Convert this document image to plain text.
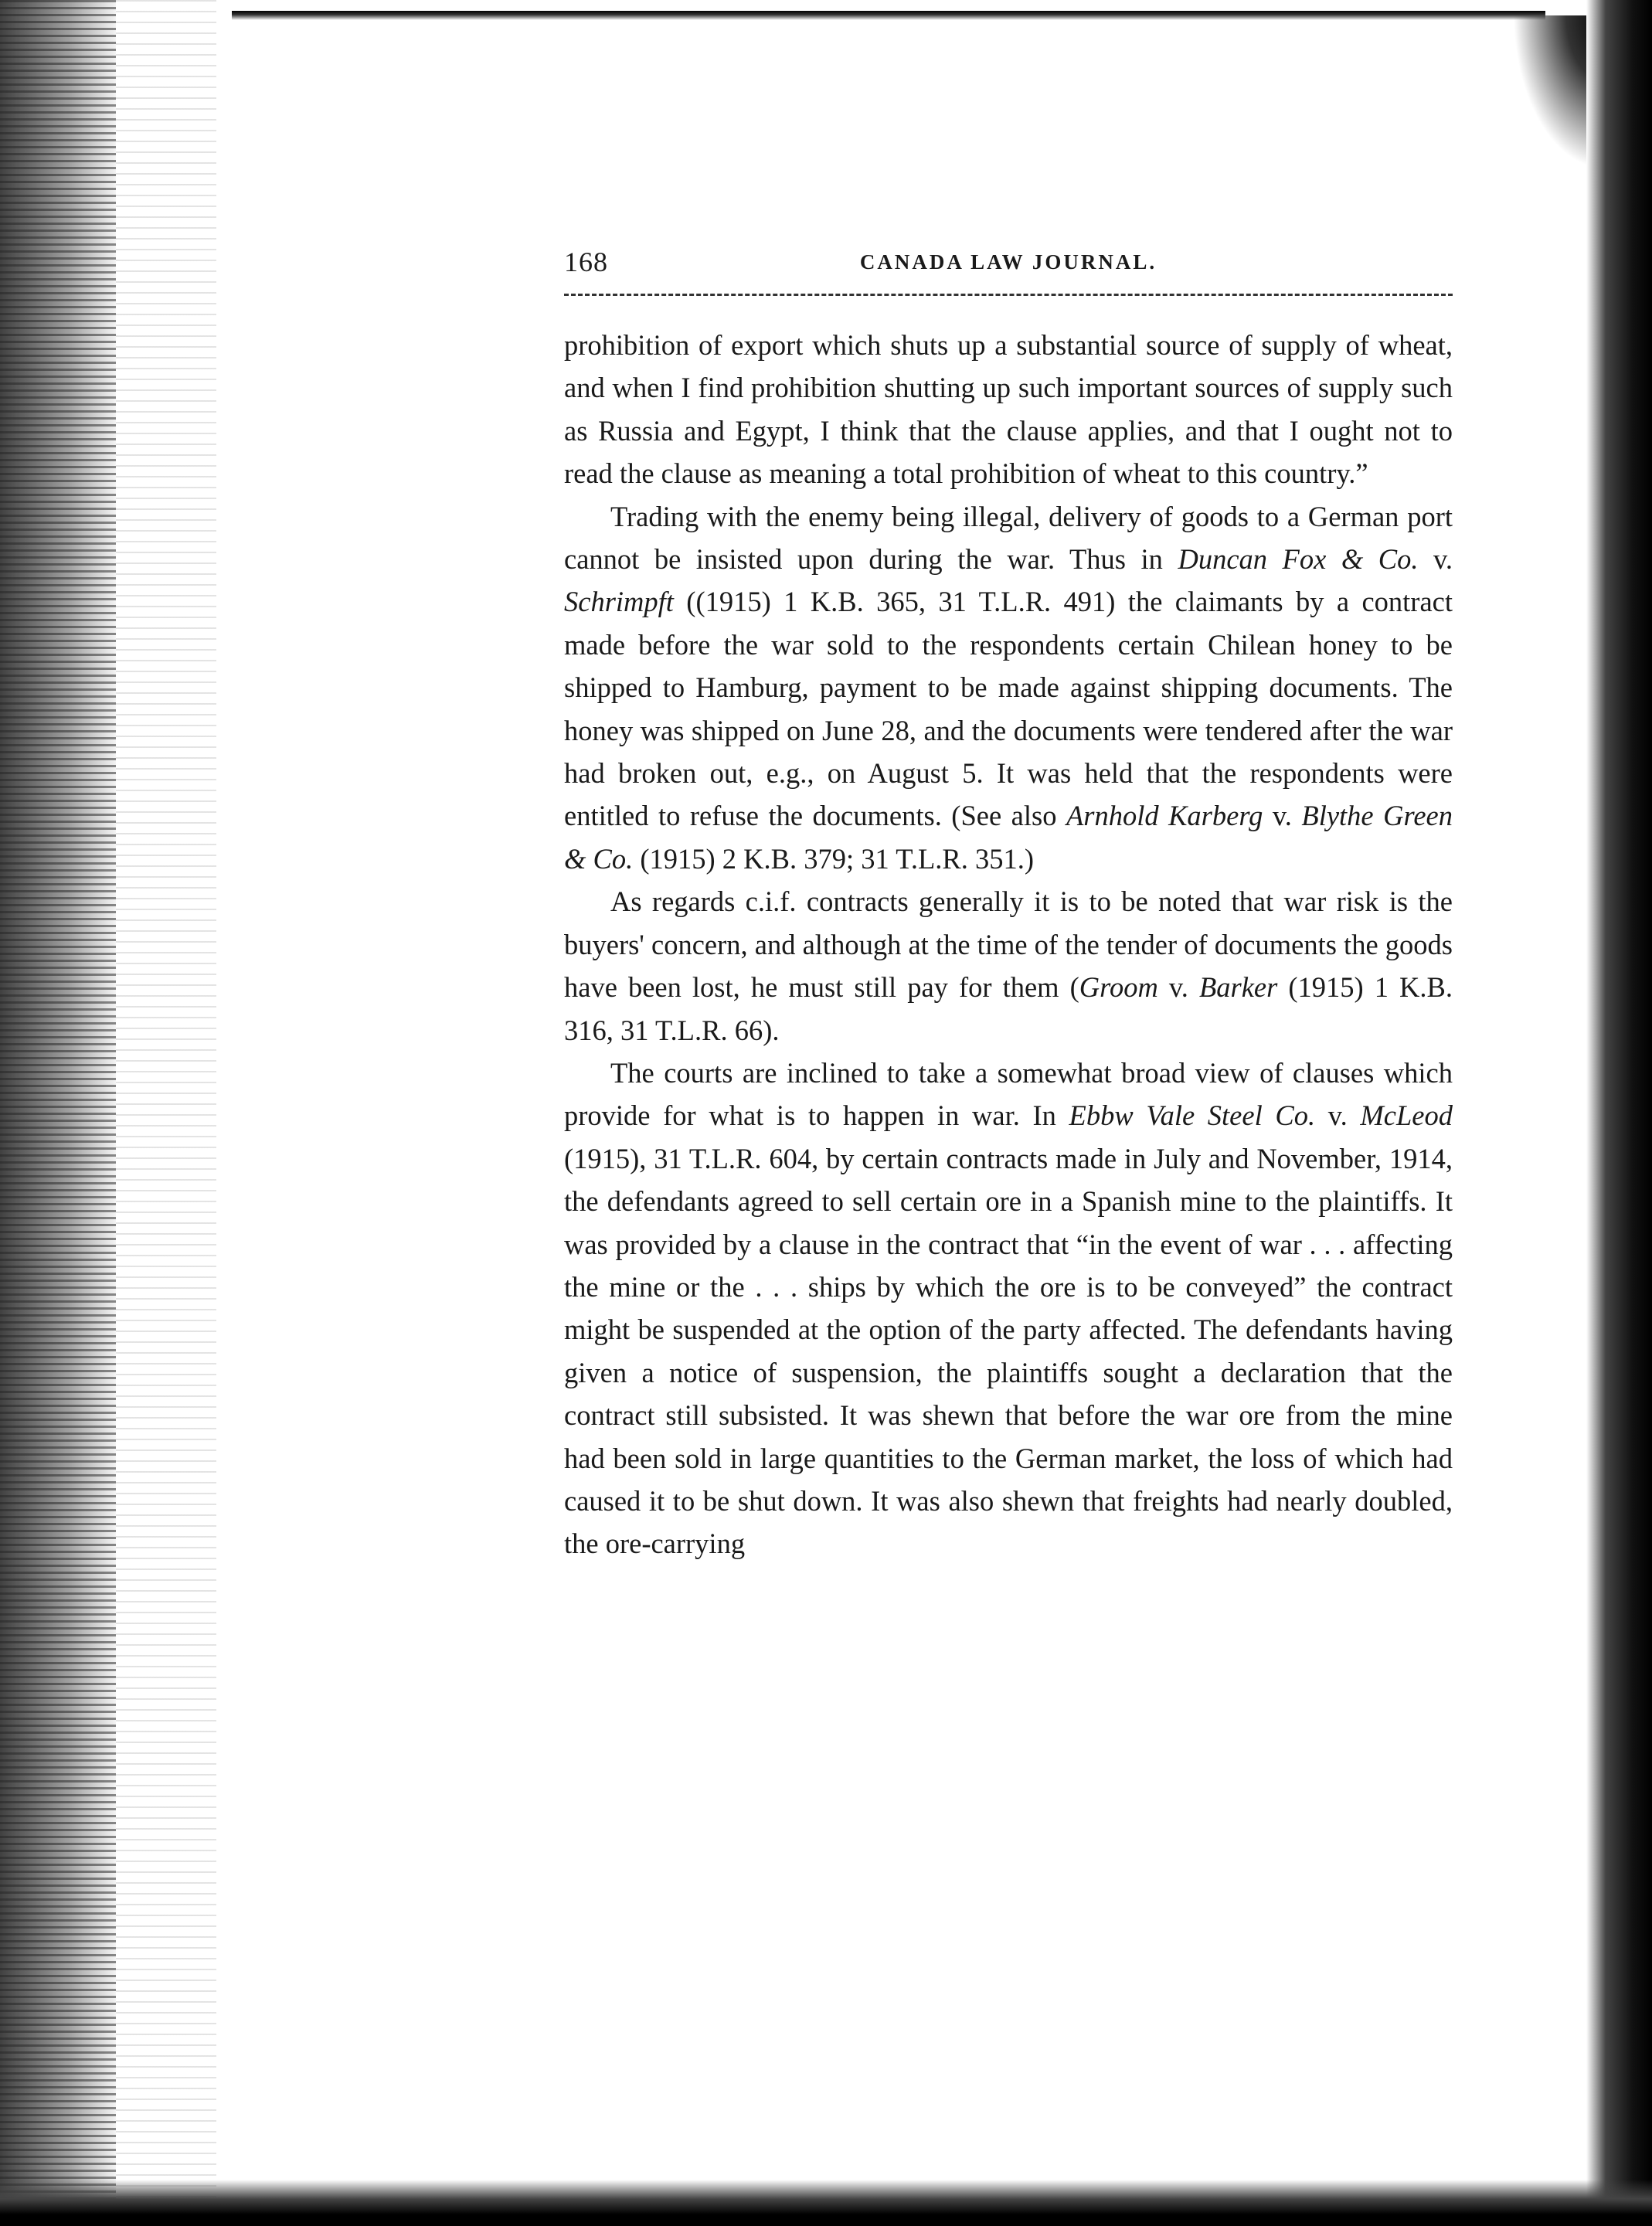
168	CANADA LAW JOURNAL.

prohibition of export which shuts up a substantial source of supply of wheat, and when I find prohibition shutting up such important sources of supply such as Russia and Egypt, I think that the clause applies, and that I ought not to read the clause as meaning a total prohibition of wheat to this country.”

Trading with the enemy being illegal, delivery of goods to a German port cannot be insisted upon during the war. Thus in Duncan Fox & Co. v. Schrimpft ((1915) 1 K.B. 365, 31 T.L.R. 491) the claimants by a contract made before the war sold to the respondents certain Chilean honey to be shipped to Hamburg, payment to be made against shipping documents. The honey was shipped on June 28, and the documents were tendered after the war had broken out, e.g., on August 5. It was held that the respondents were entitled to refuse the documents. (See also Arnhold Karberg v. Blythe Green & Co. (1915) 2 K.B. 379; 31 T.L.R. 351.)

As regards c.i.f. contracts generally it is to be noted that war risk is the buyers' concern, and although at the time of the tender of documents the goods have been lost, he must still pay for them (Groom v. Barker (1915) 1 K.B. 316, 31 T.L.R. 66).

The courts are inclined to take a somewhat broad view of clauses which provide for what is to happen in war. In Ebbw Vale Steel Co. v. McLeod (1915), 31 T.L.R. 604, by certain contracts made in July and November, 1914, the defendants agreed to sell certain ore in a Spanish mine to the plaintiffs. It was provided by a clause in the contract that “in the event of war . . . affecting the mine or the . . . ships by which the ore is to be conveyed” the contract might be suspended at the option of the party affected. The defendants having given a notice of suspension, the plaintiffs sought a declaration that the contract still subsisted. It was shewn that before the war ore from the mine had been sold in large quantities to the German market, the loss of which had caused it to be shut down. It was also shewn that freights had nearly doubled, the ore-carrying
